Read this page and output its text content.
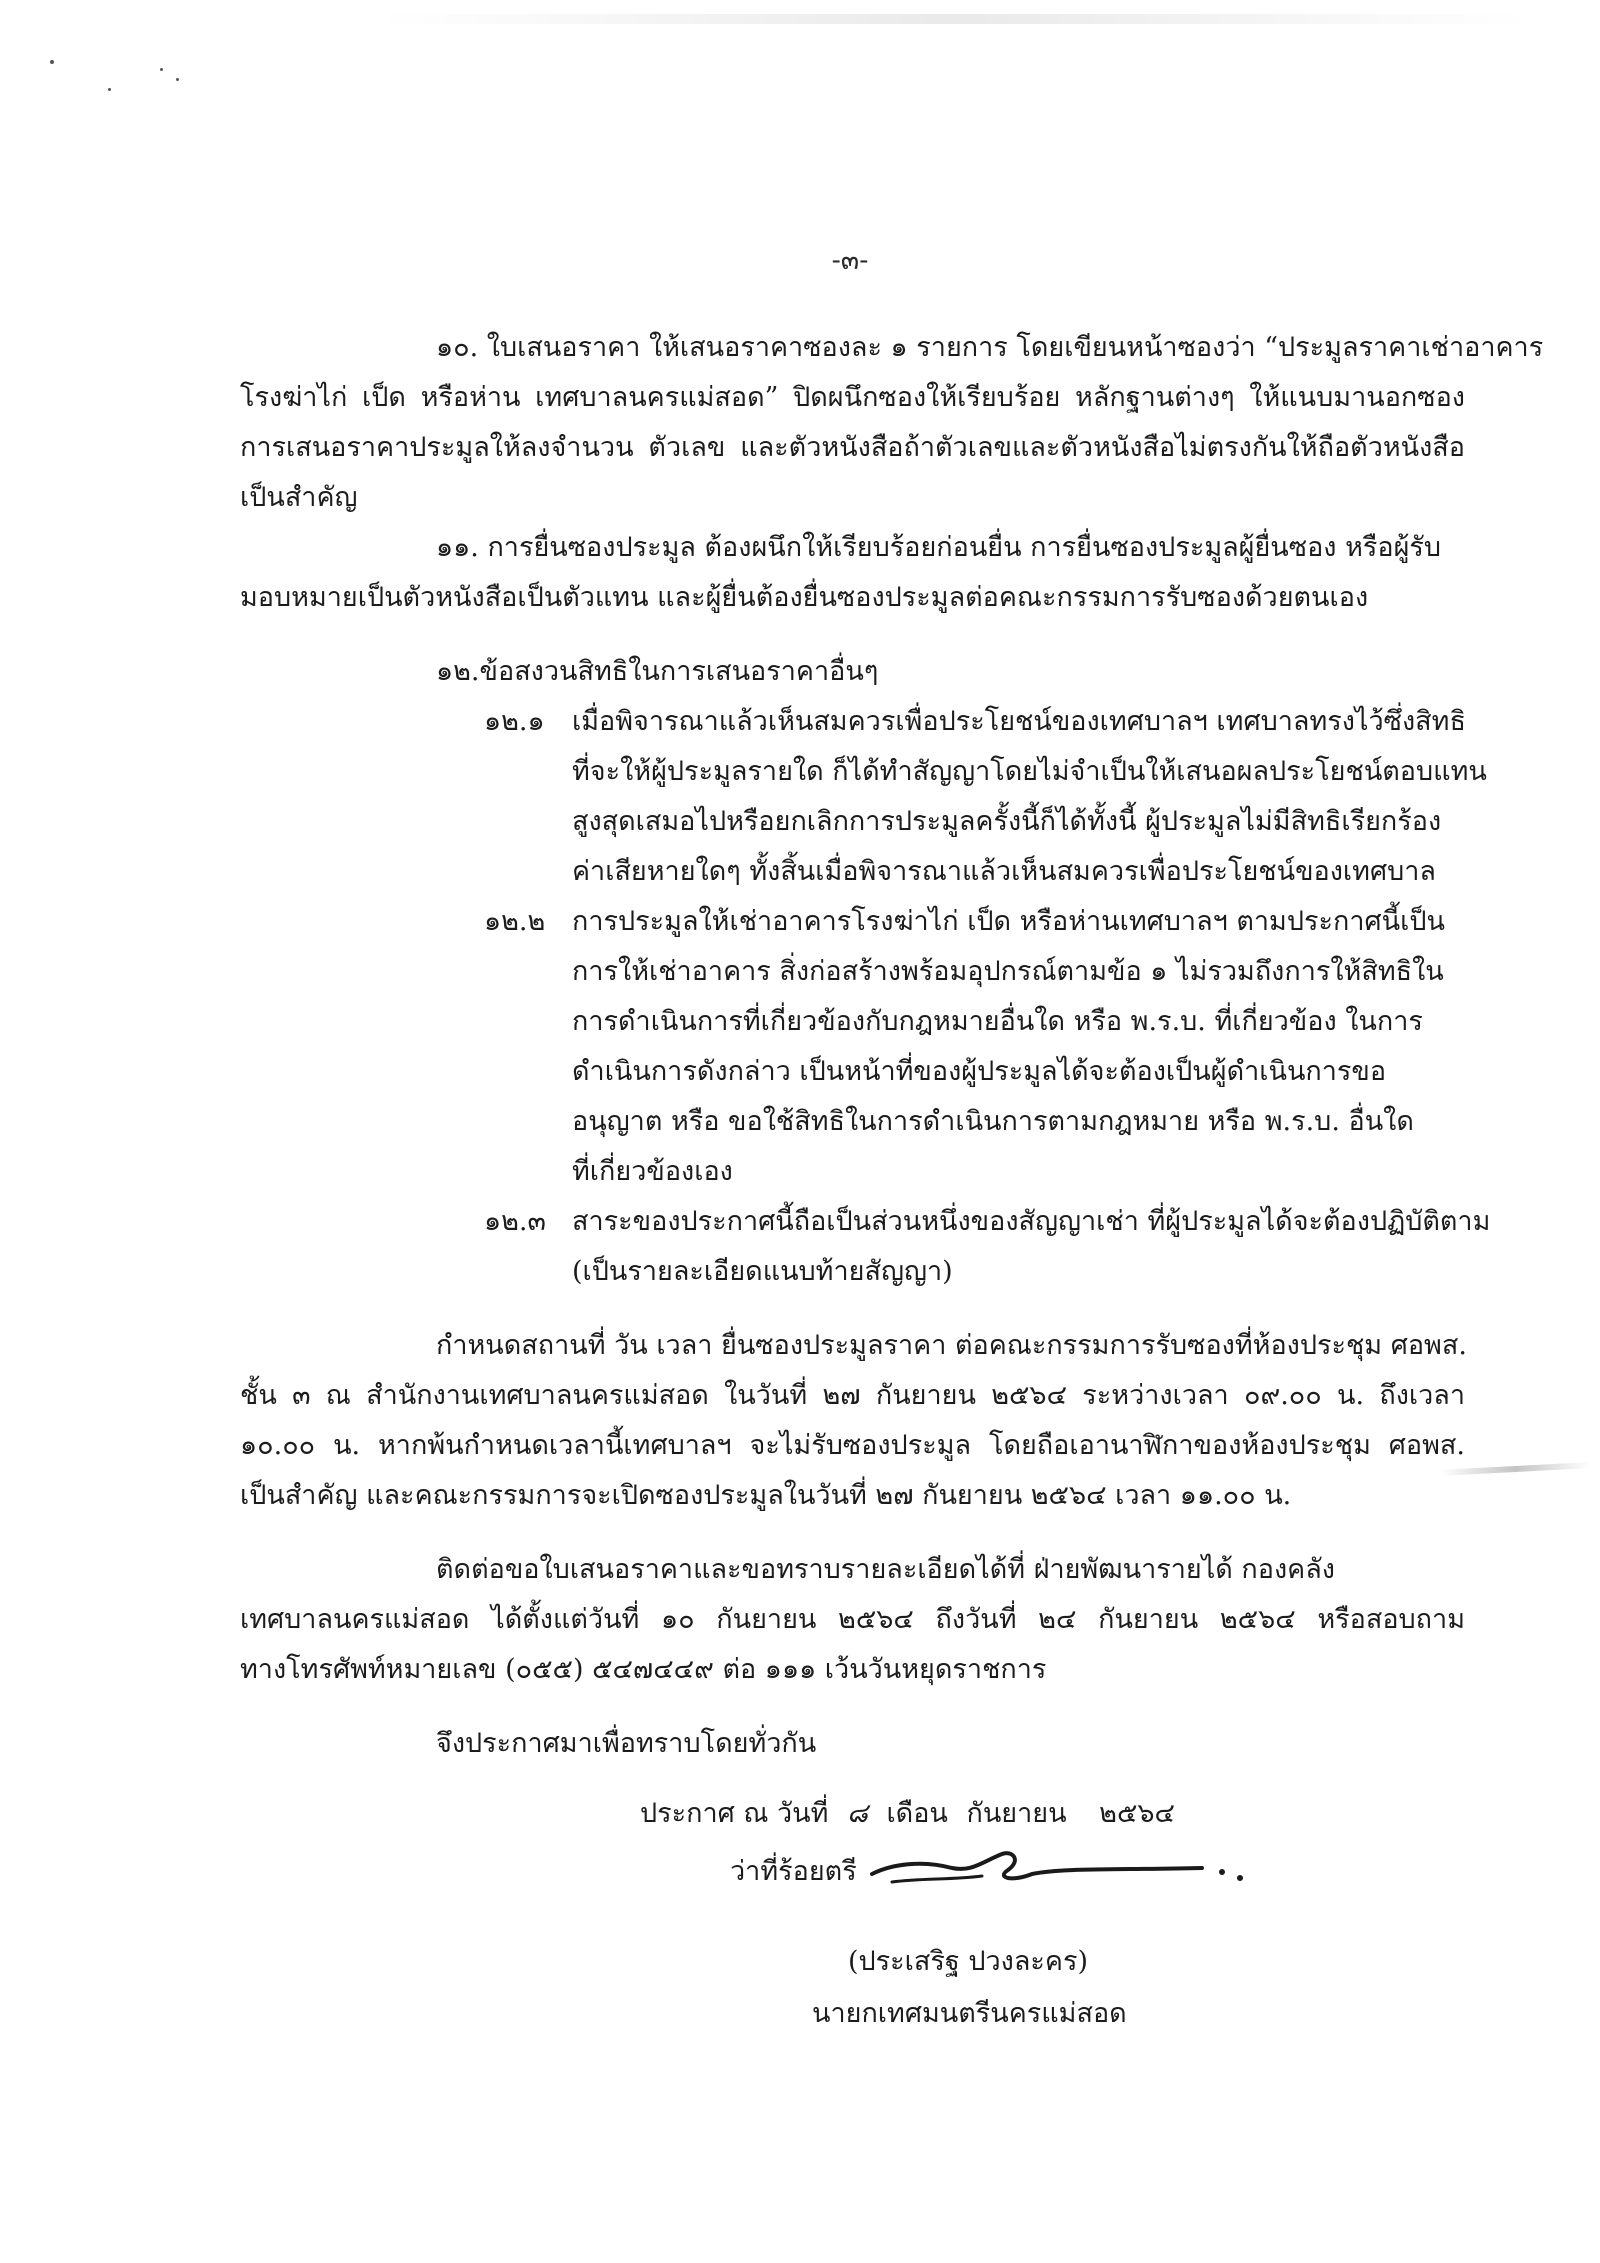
-๓-
๑๐. ใบเสนอราคา ให้เสนอราคาซองละ ๑ รายการ โดยเขียนหน้าซองว่า “ประมูลราคาเช่าอาคาร
โรงฆ่าไก่ เป็ด หรือห่าน เทศบาลนครแม่สอด” ปิดผนึกซองให้เรียบร้อย หลักฐานต่างๆ ให้แนบมานอกซอง
การเสนอราคาประมูลให้ลงจำนวน ตัวเลข และตัวหนังสือถ้าตัวเลขและตัวหนังสือไม่ตรงกันให้ถือตัวหนังสือ
เป็นสำคัญ
๑๑. การยื่นซองประมูล ต้องผนึกให้เรียบร้อยก่อนยื่น การยื่นซองประมูลผู้ยื่นซอง หรือผู้รับ
มอบหมายเป็นตัวหนังสือเป็นตัวแทน และผู้ยื่นต้องยื่นซองประมูลต่อคณะกรรมการรับซองด้วยตนเอง
๑๒.ข้อสงวนสิทธิในการเสนอราคาอื่นๆ
๑๒.๑ เมื่อพิจารณาแล้วเห็นสมควรเพื่อประโยชน์ของเทศบาลฯ เทศบาลทรงไว้ซึ่งสิทธิ
ที่จะให้ผู้ประมูลรายใด ก็ได้ทำสัญญาโดยไม่จำเป็นให้เสนอผลประโยชน์ตอบแทน
สูงสุดเสมอไปหรือยกเลิกการประมูลครั้งนี้ก็ได้ทั้งนี้ ผู้ประมูลไม่มีสิทธิเรียกร้อง
ค่าเสียหายใดๆ ทั้งสิ้นเมื่อพิจารณาแล้วเห็นสมควรเพื่อประโยชน์ของเทศบาล
๑๒.๒ การประมูลให้เช่าอาคารโรงฆ่าไก่ เป็ด หรือห่านเทศบาลฯ ตามประกาศนี้เป็น
การให้เช่าอาคาร สิ่งก่อสร้างพร้อมอุปกรณ์ตามข้อ ๑ ไม่รวมถึงการให้สิทธิใน
การดำเนินการที่เกี่ยวข้องกับกฎหมายอื่นใด หรือ พ.ร.บ. ที่เกี่ยวข้อง ในการ
ดำเนินการดังกล่าว เป็นหน้าที่ของผู้ประมูลได้จะต้องเป็นผู้ดำเนินการขอ
อนุญาต หรือ ขอใช้สิทธิในการดำเนินการตามกฎหมาย หรือ พ.ร.บ. อื่นใด
ที่เกี่ยวข้องเอง
๑๒.๓ สาระของประกาศนี้ถือเป็นส่วนหนึ่งของสัญญาเช่า ที่ผู้ประมูลได้จะต้องปฏิบัติตาม
(เป็นรายละเอียดแนบท้ายสัญญา)
กำหนดสถานที่ วัน เวลา ยื่นซองประมูลราคา ต่อคณะกรรมการรับซองที่ห้องประชุม ศอพส.
ชั้น ๓ ณ สำนักงานเทศบาลนครแม่สอด ในวันที่ ๒๗ กันยายน ๒๕๖๔ ระหว่างเวลา ๐๙.๐๐ น. ถึงเวลา
๑๐.๐๐ น. หากพ้นกำหนดเวลานี้เทศบาลฯ จะไม่รับซองประมูล โดยถือเอานาฬิกาของห้องประชุม ศอพส.
เป็นสำคัญ และคณะกรรมการจะเปิดซองประมูลในวันที่ ๒๗ กันยายน ๒๕๖๔ เวลา ๑๑.๐๐ น.
ติดต่อขอใบเสนอราคาและขอทราบรายละเอียดได้ที่ ฝ่ายพัฒนารายได้ กองคลัง
เทศบาลนครแม่สอด ได้ตั้งแต่วันที่ ๑๐ กันยายน ๒๕๖๔ ถึงวันที่ ๒๔ กันยายน ๒๕๖๔ หรือสอบถาม
ทางโทรศัพท์หมายเลข (๐๕๕) ๕๔๗๔๔๙ ต่อ ๑๑๑ เว้นวันหยุดราชการ
จึงประกาศมาเพื่อทราบโดยทั่วกัน
ประกาศ ณ วันที่ ๘ เดือน กันยายน ๒๕๖๔
ว่าที่ร้อยตรี
(ประเสริฐ ปวงละคร)
นายกเทศมนตรีนครแม่สอด
